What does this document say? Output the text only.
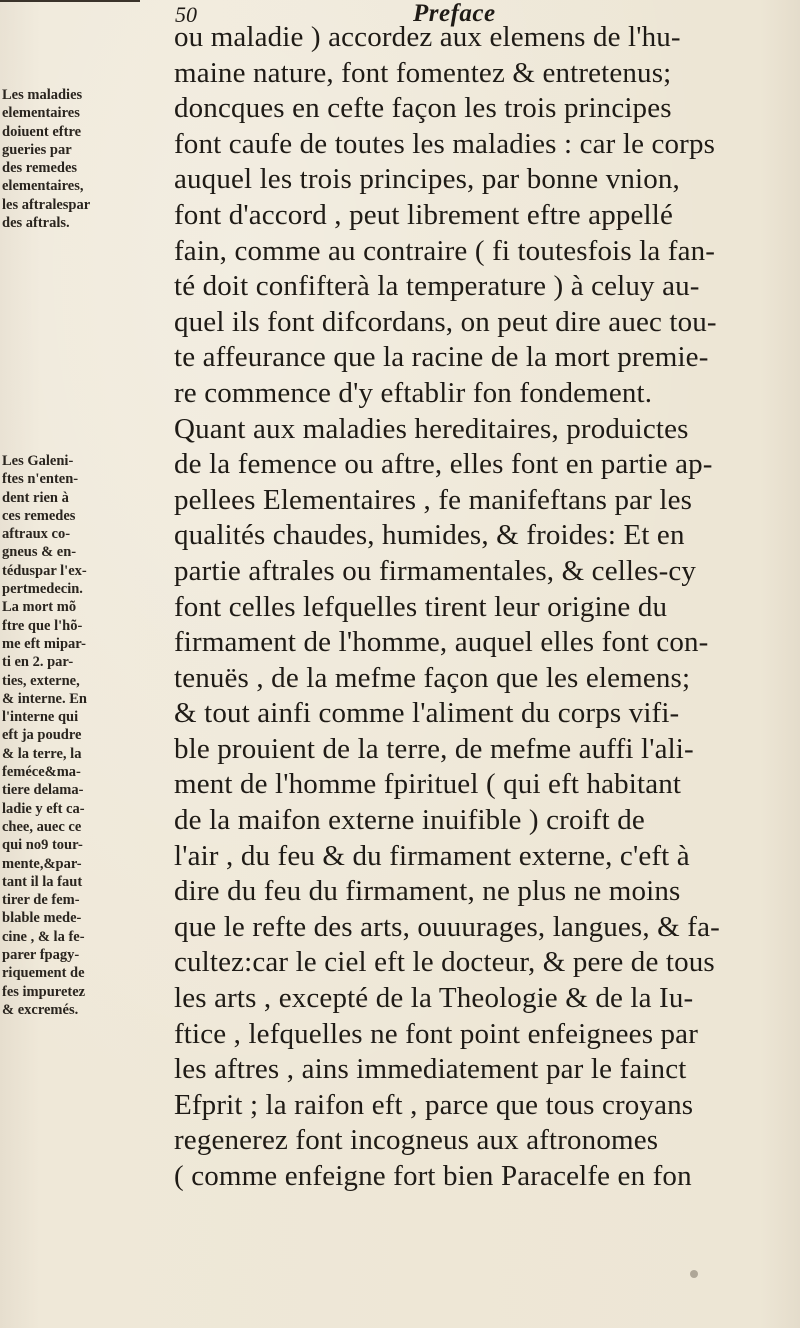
50	Preface
Les maladies
elementaires
doiuent eftre
gueries par
des remedes
elementaires,
les aftralespar
des aftrals.
Les Galeni-
ftes n'enten-
dent rien à
ces remedes
aftraux co-
gneus & en-
téduspar l'ex-
pertmedecin.
La mort mõ
ftre que l'hõ-
me eft mipar-
ti en 2. par-
ties, externe,
& interne. En
l'interne qui
eft ja poudre
& la terre, la
feméce&ma-
tiere delama-
ladie y eft ca-
chee, auec ce
qui no9 tour-
mente,&par-
tant il la faut
tirer de fem-
blable mede-
cine , & la fe-
parer fpagy-
riquement de
fes impuretez
& excremés.
ou maladie ) accordez aux elemens de l'hu-
maine nature, font fomentez & entretenus;
doncques en cefte façon les trois principes
font caufe de toutes les maladies : car le corps
auquel les trois principes, par bonne vnion,
font d'accord , peut librement eftre appellé
fain, comme au contraire ( fi toutesfois la fan-
té doit confifterà la temperature ) à celuy au-
quel ils font difcordans, on peut dire auec tou-
te affeurance que la racine de la mort premie-
re commence d'y eftablir fon fondement.
Quant aux maladies hereditaires, produictes
de la femence ou aftre, elles font en partie ap-
pellees Elementaires , fe manifeftans par les
qualités chaudes, humides, & froides: Et en
partie aftrales ou firmamentales, & celles-cy
font celles lefquelles tirent leur origine du
firmament de l'homme, auquel elles font con-
tenuës , de la mefme façon que les elemens;
& tout ainfi comme l'aliment du corps vifi-
ble prouient de la terre, de mefme auffi l'ali-
ment de l'homme fpirituel ( qui eft habitant
de la maifon externe inuifible ) croift de
l'air , du feu & du firmament externe, c'eft à
dire du feu du firmament, ne plus ne moins
que le refte des arts, ouuurages, langues, & fa-
cultez:car le ciel eft le docteur, & pere de tous
les arts , excepté de la Theologie & de la Iu-
ftice , lefquelles ne font point enfeignees par
les aftres , ains immediatement par le fainct
Efprit ; la raifon eft , parce que tous croyans
regenerez font incogneus aux aftronomes
( comme enfeigne fort bien Paracelfe en fon
